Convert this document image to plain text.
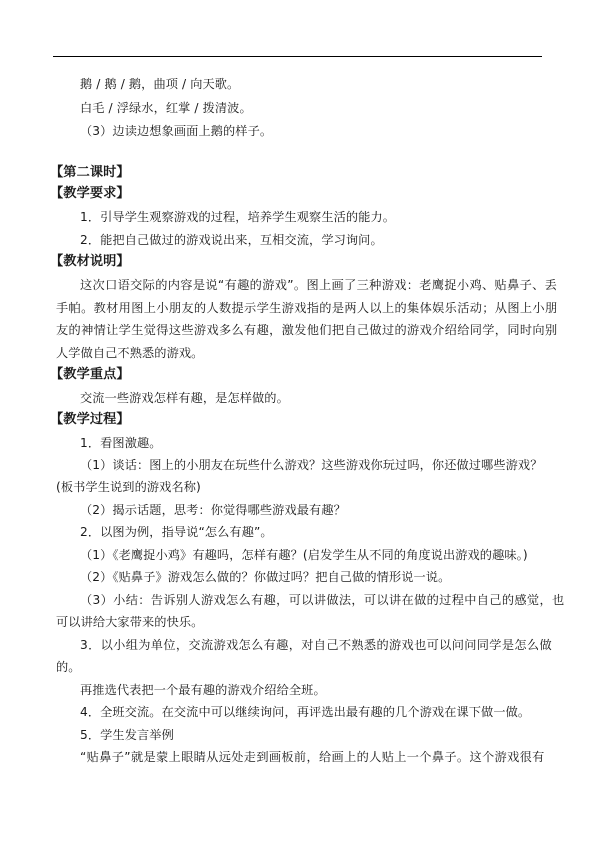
鹅 / 鹅 / 鹅，曲项 / 向天歌。
白毛 / 浮绿水，红掌 / 拨清波。
（3）边读边想象画面上鹅的样子。
【第二课时】
【教学要求】
1．引导学生观察游戏的过程，培养学生观察生活的能力。
2．能把自己做过的游戏说出来，互相交流，学习询问。
【教材说明】
这次口语交际的内容是说“有趣的游戏”。图上画了三种游戏：老鹰捉小鸡、贴鼻子、丢
手帕。教材用图上小朋友的人数提示学生游戏指的是两人以上的集体娱乐活动；从图上小朋
友的神情让学生觉得这些游戏多么有趣，激发他们把自己做过的游戏介绍给同学，同时向别
人学做自己不熟悉的游戏。
【教学重点】
交流一些游戏怎样有趣，是怎样做的。
【教学过程】
1．看图激趣。
（1）谈话：图上的小朋友在玩些什么游戏？这些游戏你玩过吗，你还做过哪些游戏？
(板书学生说到的游戏名称)
（2）揭示话题，思考：你觉得哪些游戏最有趣？
2．以图为例，指导说“怎么有趣”。
（1）《老鹰捉小鸡》有趣吗，怎样有趣？(启发学生从不同的角度说出游戏的趣味。)
（2）《贴鼻子》游戏怎么做的？你做过吗？把自己做的情形说一说。
（3）小结：告诉别人游戏怎么有趣，可以讲做法，可以讲在做的过程中自己的感觉，也
可以讲给大家带来的快乐。
3．以小组为单位，交流游戏怎么有趣，对自己不熟悉的游戏也可以问问同学是怎么做
的。
再推选代表把一个最有趣的游戏介绍给全班。
4．全班交流。在交流中可以继续询问，再评选出最有趣的几个游戏在课下做一做。
5．学生发言举例
“贴鼻子”就是蒙上眼睛从远处走到画板前，给画上的人贴上一个鼻子。这个游戏很有
